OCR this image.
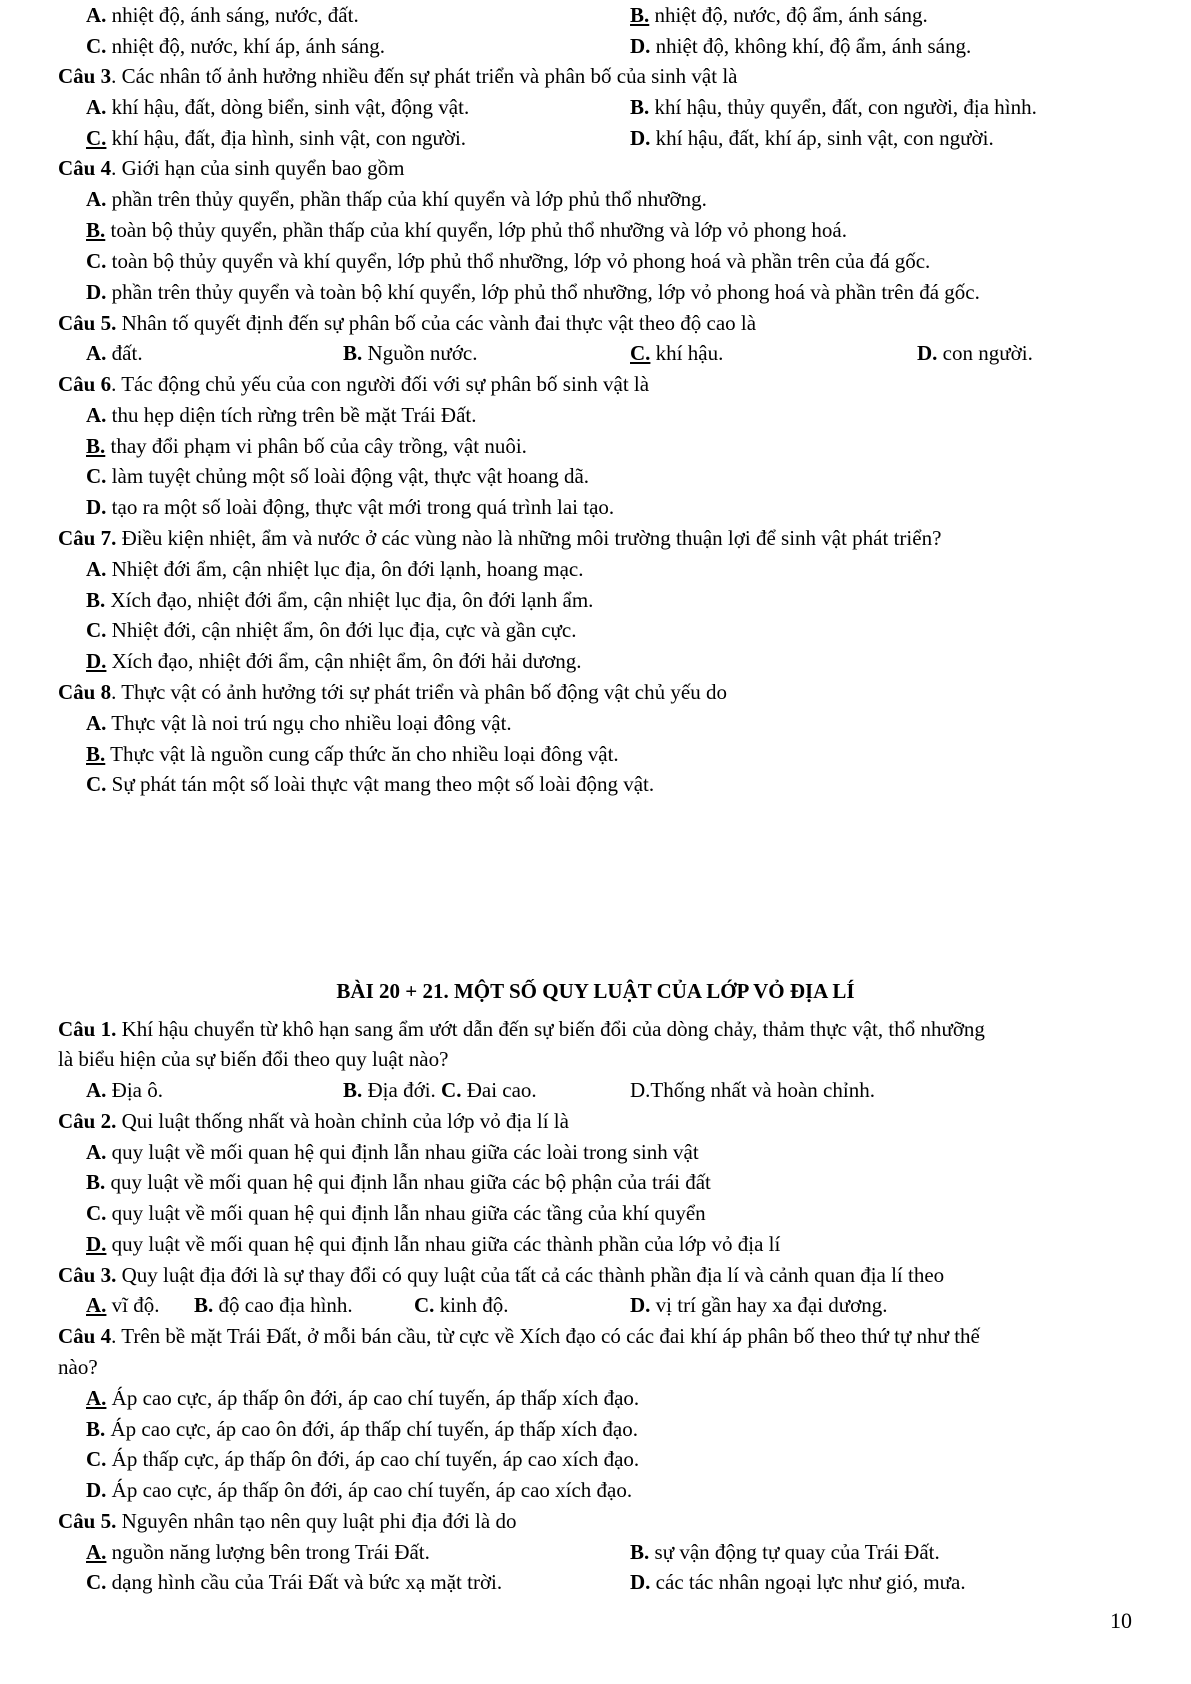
A. nhiệt độ, ánh sáng, nước, đất.	B. nhiệt độ, nước, độ ẩm, ánh sáng.
C. nhiệt độ, nước, khí áp, ánh sáng.	D. nhiệt độ, không khí, độ ẩm, ánh sáng.
Câu 3. Các nhân tố ảnh hưởng nhiều đến sự phát triển và phân bố của sinh vật là
A. khí hậu, đất, dòng biển, sinh vật, động vật.	B. khí hậu, thủy quyển, đất, con người, địa hình.
C. khí hậu, đất, địa hình, sinh vật, con người.	D. khí hậu, đất, khí áp, sinh vật, con người.
Câu 4. Giới hạn của sinh quyển bao gồm
A. phần trên thủy quyển, phần thấp của khí quyển và lớp phủ thổ nhưỡng.
B. toàn bộ thủy quyển, phần thấp của khí quyển, lớp phủ thổ nhưỡng và lớp vỏ phong hoá.
C. toàn bộ thủy quyển và khí quyển, lớp phủ thổ nhưỡng, lớp vỏ phong hoá và phần trên của đá gốc.
D. phần trên thủy quyển và toàn bộ khí quyển, lớp phủ thổ nhưỡng, lớp vỏ phong hoá và phần trên đá gốc.
Câu 5. Nhân tố quyết định đến sự phân bố của các vành đai thực vật theo độ cao là
A. đất.	B. Nguồn nước.	C. khí hậu.	D. con người.
Câu 6. Tác động chủ yếu của con người đối với sự phân bố sinh vật là
A. thu hẹp diện tích rừng trên bề mặt Trái Đất.
B. thay đổi phạm vi phân bố của cây trồng, vật nuôi.
C. làm tuyệt chủng một số loài động vật, thực vật hoang dã.
D. tạo ra một số loài động, thực vật mới trong quá trình lai tạo.
Câu 7. Điều kiện nhiệt, ẩm và nước ở các vùng nào là những môi trường thuận lợi để sinh vật phát triển?
A. Nhiệt đới ẩm, cận nhiệt lục địa, ôn đới lạnh, hoang mạc.
B. Xích đạo, nhiệt đới ẩm, cận nhiệt lục địa, ôn đới lạnh ẩm.
C. Nhiệt đới, cận nhiệt ẩm, ôn đới lục địa, cực và gần cực.
D. Xích đạo, nhiệt đới ẩm, cận nhiệt ẩm, ôn đới hải dương.
Câu 8. Thực vật có ảnh hưởng tới sự phát triển và phân bố động vật chủ yếu do
A. Thực vật là noi trú ngụ cho nhiều loại đông vật.
B. Thực vật là nguồn cung cấp thức ăn cho nhiều loại đông vật.
C. Sự phát tán một số loài thực vật mang theo một số loài động vật.
BÀI 20 + 21. MỘT SỐ QUY LUẬT CỦA LỚP VỎ ĐỊA LÍ
Câu 1. Khí hậu chuyển từ khô hạn sang ẩm ướt dẫn đến sự biến đổi của dòng chảy, thảm thực vật, thổ nhưỡng
là biểu hiện của sự biến đổi theo quy luật nào?
A. Địa ô.	B. Địa đới. C. Đai cao.	D.Thống nhất và hoàn chỉnh.
Câu 2. Qui luật thống nhất và hoàn chỉnh của lớp vỏ địa lí là
A. quy luật về mối quan hệ qui định lẫn nhau giữa các loài trong sinh vật
B. quy luật về mối quan hệ qui định lẫn nhau giữa các bộ phận của trái đất
C. quy luật về mối quan hệ qui định lẫn nhau giữa các tầng của khí quyển
D. quy luật về mối quan hệ qui định lẫn nhau giữa các thành phần của lớp vỏ địa lí
Câu 3. Quy luật địa đới là sự thay đổi có quy luật của tất cả các thành phần địa lí và cảnh quan địa lí theo
A. vĩ độ. B. độ cao địa hình.	C. kinh độ.	D. vị trí gần hay xa đại dương.
Câu 4. Trên bề mặt Trái Đất, ở mỗi bán cầu, từ cực về Xích đạo có các đai khí áp phân bố theo thứ tự như thế
nào?
A. Áp cao cực, áp thấp ôn đới, áp cao chí tuyến, áp thấp xích đạo.
B. Áp cao cực, áp cao ôn đới, áp thấp chí tuyến, áp thấp xích đạo.
C. Áp thấp cực, áp thấp ôn đới, áp cao chí tuyến, áp cao xích đạo.
D. Áp cao cực, áp thấp ôn đới, áp cao chí tuyến, áp cao xích đạo.
Câu 5. Nguyên nhân tạo nên quy luật phi địa đới là do
A. nguồn năng lượng bên trong Trái Đất.	B. sự vận động tự quay của Trái Đất.
C. dạng hình cầu của Trái Đất và bức xạ mặt trời.	D. các tác nhân ngoại lực như gió, mưa.
10
